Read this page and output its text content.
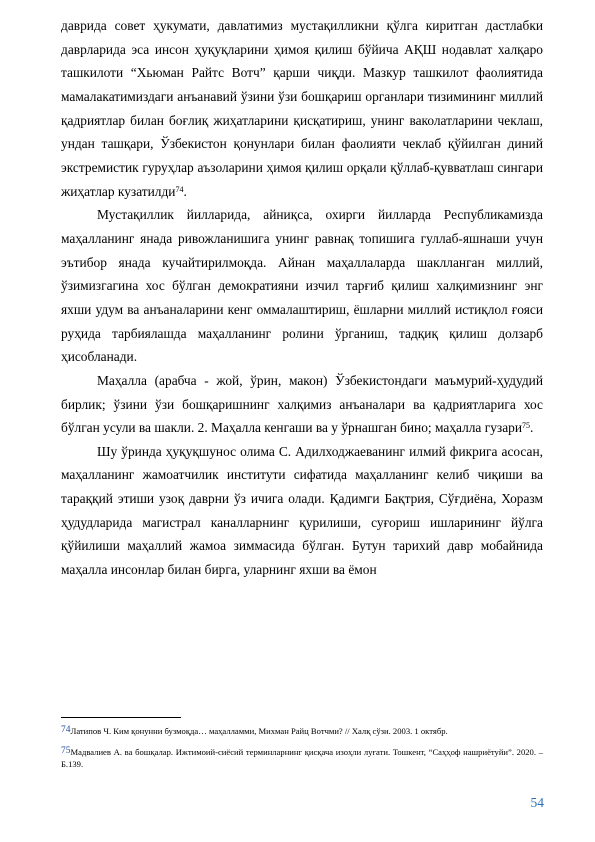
даврида совет ҳукумати, давлатимиз мустақилликни қўлга киритган дастлабки даврларида эса инсон ҳуқуқларини ҳимоя қилиш бўйича АҚШ нодавлат халқаро ташкилоти “Хьюман Райтс Вотч” қарши чиқди. Мазкур ташкилот фаолиятида мамалакатимиздаги анъанавий ўзини ўзи бошқариш органлари тизимининг миллий қадриятлар билан боғлиқ жиҳатларини қисқатириш, унинг ваколатларини чеклаш, ундан ташқари, Ўзбекистон қонунлари билан фаолияти чеклаб қўйилган диний экстремистик гуруҳлар аъзоларини ҳимоя қилиш орқали қўллаб-қувватлаш сингари жиҳатлар кузатилди$^{74}$.

Мустақиллик йилларида, айниқса, охирги йилларда Республикамизда маҳалланинг янада ривожланишига унинг равнақ топишига гуллаб-яшнаши учун эътибор янада кучайтирилмоқда. Айнан маҳаллаларда шаклланган миллий, ўзимизгагина хос бўлган демократияни изчил тарғиб қилиш халқимизнинг энг яхши удум ва анъаналарини кенг оммалаштириш, ёшларни миллий истиқлол ғояси руҳида тарбиялашда маҳалланинг ролини ўрганиш, тадқиқ қилиш долзарб ҳисобланади.

Маҳалла (арабча - жой, ўрин, макон) Ўзбекистондаги маъмурий-ҳудудий бирлик; ўзини ўзи бошқаришнинг халқимиз анъаналари ва қадриятларига хос бўлган усули ва шакли. 2. Маҳалла кенгаши ва у ўрнашган бино; маҳалла гузари$^{75}$.

Шу ўринда ҳуқуқшунос олима С. Адилходжаеванинг илмий фикрига асосан, маҳалланинг жамоатчилик институти сифатида маҳалланинг келиб чиқиши ва тараққий этиши узоқ даврни ўз ичига олади. Қадимги Бақтрия, Сўғдиёна, Хоразм ҳудудларида магистрал каналларнинг қурилиши, суғориш ишларининг йўлга қўйилиши маҳаллий жамоа зиммасида бўлган. Бутун тарихий давр мобайнида маҳалла инсонлар билан бирга, уларнинг яхши ва ёмон

$^{74}$Латипов Ч. Ким қонунни бузмоқда… маҳалламми, Михман Райц Вотчми? // Халқ сўзи. 2003. 1 октябр.
$^{75}$Мадвалиев А. ва бошқалар. Ижтимоий-сиёсий терминларнинг қисқача изоҳли луғати. Тошкент, “Саҳҳоф нашриётуйи”. 2020. – Б.139.
54
